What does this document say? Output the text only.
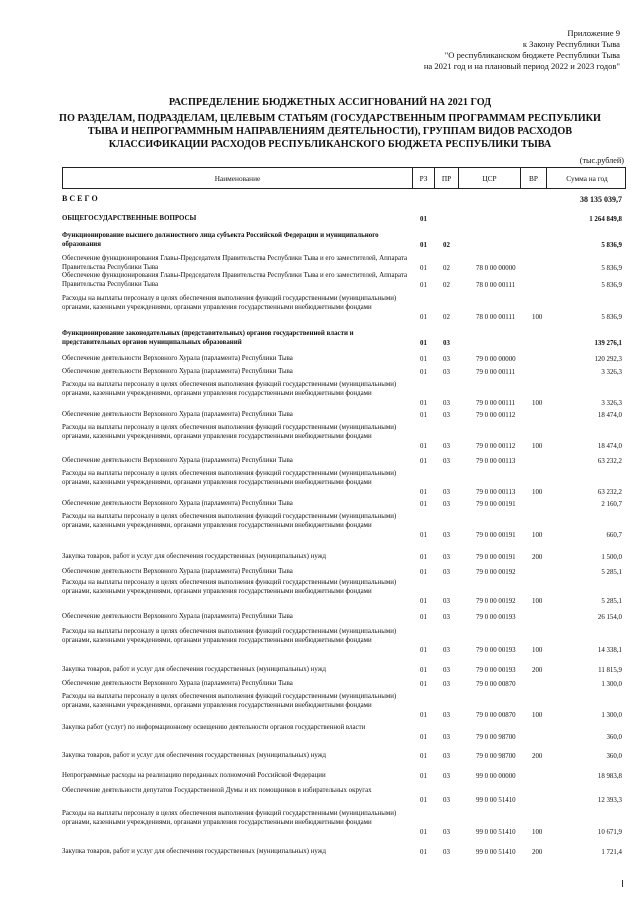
Приложение 9
к Закону Республики Тыва
"О республиканском бюджете Республики Тыва
на 2021 год и на плановый период 2022 и 2023 годов"
РАСПРЕДЕЛЕНИЕ БЮДЖЕТНЫХ АССИГНОВАНИЙ НА 2021 ГОД
ПО РАЗДЕЛАМ, ПОДРАЗДЕЛАМ, ЦЕЛЕВЫМ СТАТЬЯМ (ГОСУДАРСТВЕННЫМ ПРОГРАММАМ РЕСПУБЛИКИ
ТЫВА И НЕПРОГРАММНЫМ НАПРАВЛЕНИЯМ ДЕЯТЕЛЬНОСТИ), ГРУППАМ ВИДОВ РАСХОДОВ
КЛАССИФИКАЦИИ РАСХОДОВ РЕСПУБЛИКАНСКОГО БЮДЖЕТА РЕСПУБЛИКИ ТЫВА
(тыс.рублей)
Наименование	РЗ	ПР	ЦСР	ВР	Сумма на год
В С Е Г О	38 135 039,7
ОБЩЕГОСУДАРСТВЕННЫЕ ВОПРОСЫ	01	1 264 849,8
Функционирование высшего должностного лица субъекта Российской Федерации и муниципального образования	01 02	5 836,9
Обеспечение функционирования Главы-Председателя Правительства Республики Тыва и его заместителей, Аппарата Правительства Республики Тыва	01 02	78 0 00 00000	5 836,9
Обеспечение функционирования Главы-Председателя Правительства Республики Тыва и его заместителей, Аппарата Правительства Республики Тыва	01 02	78 0 00 00111	5 836,9
Расходы на выплаты персоналу в целях обеспечения выполнения функций государственными (муниципальными) органами, казенными учреждениями, органами управления государственными внебюджетными фондами
01 02	78 0 00 00111 100	5 836,9
Функционирование законодательных (представительных) органов государственной власти и представительных органов муниципальных образований	01 03	139 276,1
Обеспечение деятельности Верховного Хурала (парламента) Республики Тыва	01 03	79 0 00 00000	120 292,3
Обеспечение деятельности Верховного Хурала (парламента) Республики Тыва	01 03	79 0 00 00111	3 326,3
Расходы на выплаты персоналу в целях обеспечения выполнения функций государственными (муниципальными) органами, казенными учреждениями, органами управления государственными внебюджетными фондами
01 03	79 0 00 00111 100	3 326,3
Обеспечение деятельности Верховного Хурала (парламента) Республики Тыва	01 03	79 0 00 00112	18 474,0
Расходы на выплаты персоналу в целях обеспечения выполнения функций государственными (муниципальными) органами, казенными учреждениями, органами управления государственными внебюджетными фондами
01 03	79 0 00 00112 100	18 474,0
Обеспечение деятельности Верховного Хурала (парламента) Республики Тыва	01 03	79 0 00 00113	63 232,2
Расходы на выплаты персоналу в целях обеспечения выполнения функций государственными (муниципальными) органами, казенными учреждениями, органами управления государственными внебюджетными фондами
01 03	79 0 00 00113 100	63 232,2
Обеспечение деятельности Верховного Хурала (парламента) Республики Тыва	01 03	79 0 00 00191	2 160,7
Расходы на выплаты персоналу в целях обеспечения выполнения функций государственными (муниципальными) органами, казенными учреждениями, органами управления государственными внебюджетными фондами
01 03	79 0 00 00191 100	660,7
Закупка товаров, работ и услуг для обеспечения государственных (муниципальных) нужд	01 03	79 0 00 00191 200	1 500,0
Обеспечение деятельности Верховного Хурала (парламента) Республики Тыва	01 03	79 0 00 00192	5 285,1
Расходы на выплаты персоналу в целях обеспечения выполнения функций государственными (муниципальными) органами, казенными учреждениями, органами управления государственными внебюджетными фондами
01 03	79 0 00 00192 100	5 285,1
Обеспечение деятельности Верховного Хурала (парламента) Республики Тыва	01 03	79 0 00 00193	26 154,0
Расходы на выплаты персоналу в целях обеспечения выполнения функций государственными (муниципальными) органами, казенными учреждениями, органами управления государственными внебюджетными фондами
01 03	79 0 00 00193 100	14 338,1
Закупка товаров, работ и услуг для обеспечения государственных (муниципальных) нужд	01 03	79 0 00 00193 200	11 815,9
Обеспечение деятельности Верховного Хурала (парламента) Республики Тыва	01 03	79 0 00 00870	1 300,0
Расходы на выплаты персоналу в целях обеспечения выполнения функций государственными (муниципальными) органами, казенными учреждениями, органами управления государственными внебюджетными фондами
01 03	79 0 00 00870 100	1 300,0
Закупка работ (услуг) по информационному освещению деятельности органов государственной власти
01 03	79 0 00 98700	360,0
Закупка товаров, работ и услуг для обеспечения государственных (муниципальных) нужд	01 03	79 0 00 98700 200	360,0
Непрограммные расходы на реализацию переданных полномочий Российской Федерации	01 03	99 0 00 00000	18 983,8
Обеспечение деятельности депутатов Государственной Думы и их помощников в избирательных округах
01 03	99 0 00 51410	12 393,3
Расходы на выплаты персоналу в целях обеспечения выполнения функций государственными (муниципальными) органами, казенными учреждениями, органами управления государственными внебюджетными фондами
01 03	99 0 00 51410 100	10 671,9
Закупка товаров, работ и услуг для обеспечения государственных (муниципальных) нужд	01 03	99 0 00 51410 200	1 721,4
